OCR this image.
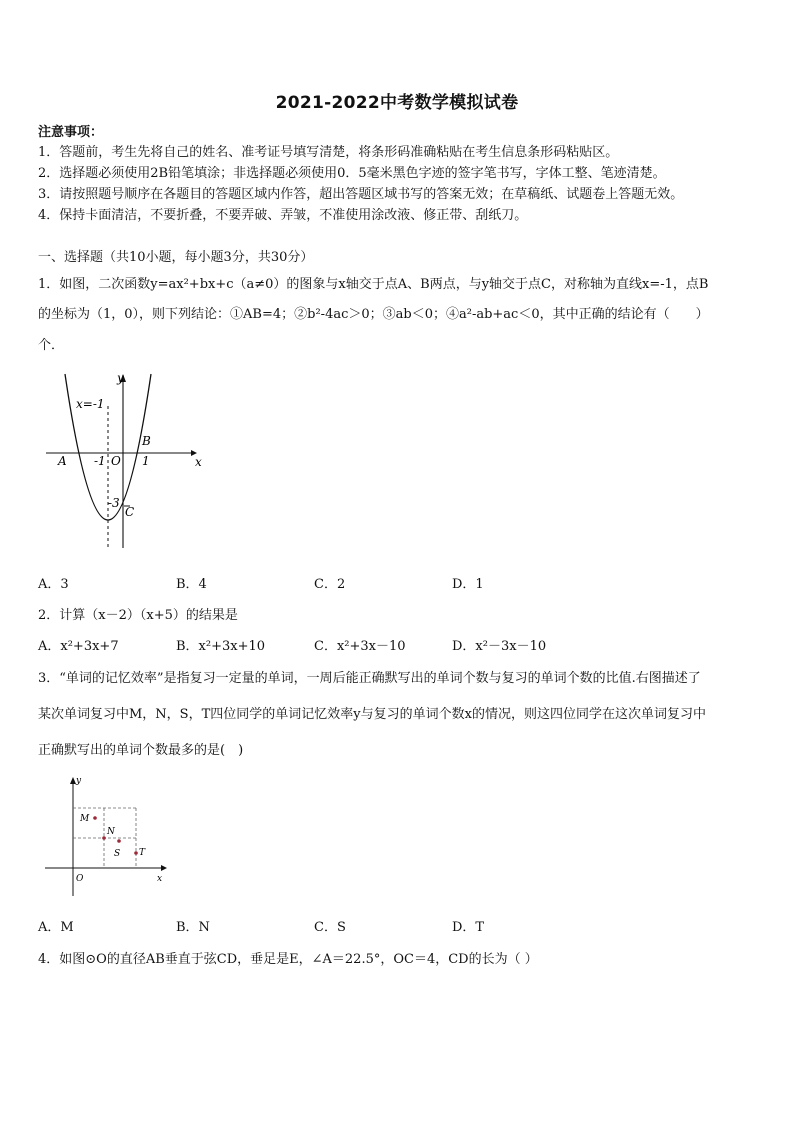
2021-2022中考数学模拟试卷
注意事项：
1．答题前，考生先将自己的姓名、准考证号填写清楚，将条形码准确粘贴在考生信息条形码粘贴区。
2．选择题必须使用2B铅笔填涂；非选择题必须使用0．5毫米黑色字迹的签字笔书写，字体工整、笔迹清楚。
3．请按照题号顺序在各题目的答题区域内作答，超出答题区域书写的答案无效；在草稿纸、试题卷上答题无效。
4．保持卡面清洁，不要折叠，不要弄破、弄皱，不准使用涂改液、修正带、刮纸刀。
一、选择题（共10小题，每小题3分，共30分）
1．如图，二次函数y=ax²+bx+c（a≠0）的图象与x轴交于点A、B两点，与y轴交于点C，对称轴为直线x=-1，点B
的坐标为（1，0），则下列结论：①AB=4；②b²-4ac＞0；③ab＜0；④a²-ab+ac＜0，其中正确的结论有（　　）
个．
y
x
x=-1
A
B
C
O
-1	1
-3
A．3	B．4	C．2	D．1
2．计算（x－2）（x+5）的结果是
A．x²+3x+7	B．x²+3x+10	C．x²+3x－10	D．x²－3x－10
3．“单词的记忆效率”是指复习一定量的单词，一周后能正确默写出的单词个数与复习的单词个数的比值.右图描述了
某次单词复习中M，N，S，T四位同学的单词记忆效率y与复习的单词个数x的情况，则这四位同学在这次单词复习中
正确默写出的单词个数最多的是(　)
y
x
O
M
N
S T
A．M	B．N	C．S	D．T
4．如图⊙O的直径AB垂直于弦CD，垂足是E，∠A＝22.5°，OC＝4，CD的长为（ ）
